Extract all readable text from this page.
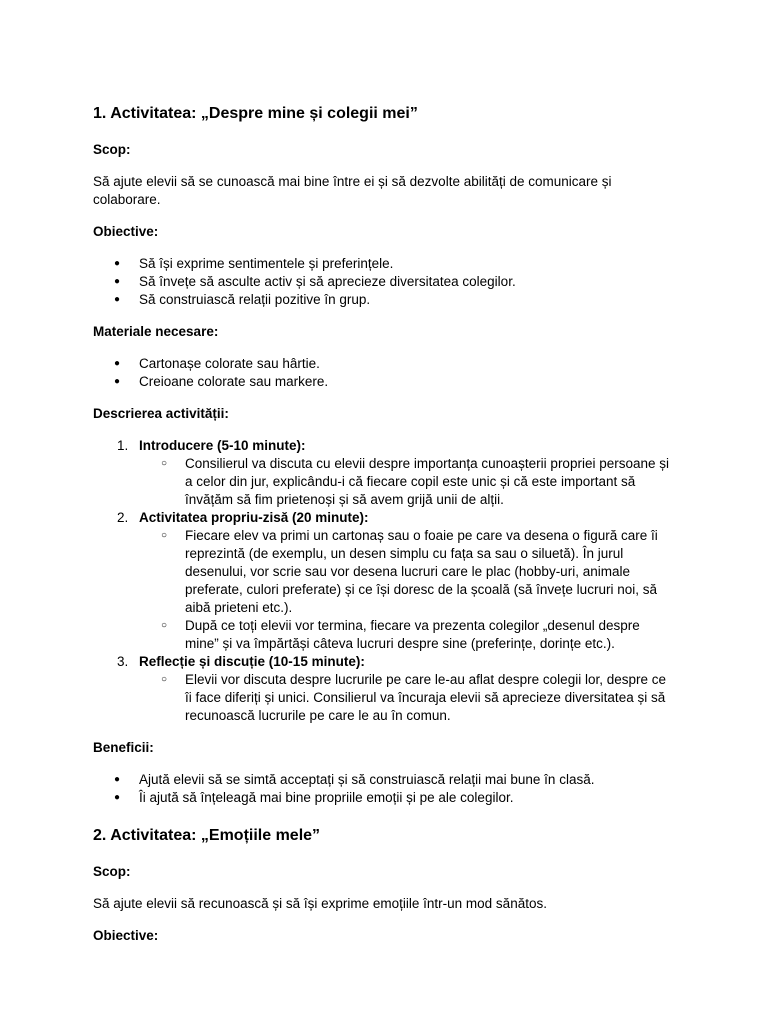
1. Activitatea: „Despre mine și colegii mei”

Scop:

Să ajute elevii să se cunoască mai bine între ei și să dezvolte abilități de comunicare și colaborare.

Obiective:

● Să își exprime sentimentele și preferințele.
● Să învețe să asculte activ și să aprecieze diversitatea colegilor.
● Să construiască relații pozitive în grup.

Materiale necesare:

● Cartonașe colorate sau hârtie.
● Creioane colorate sau markere.

Descrierea activității:

1. Introducere (5-10 minute):
○ Consilierul va discuta cu elevii despre importanța cunoașterii propriei persoane și a celor din jur, explicându-i că fiecare copil este unic și că este important să învățăm să fim prietenoși și să avem grijă unii de alții.
2. Activitatea propriu-zisă (20 minute):
○ Fiecare elev va primi un cartonaș sau o foaie pe care va desena o figură care îi reprezintă (de exemplu, un desen simplu cu fața sa sau o siluetă). În jurul desenului, vor scrie sau vor desena lucruri care le plac (hobby-uri, animale preferate, culori preferate) și ce își doresc de la școală (să învețe lucruri noi, să aibă prieteni etc.).
○ După ce toți elevii vor termina, fiecare va prezenta colegilor „desenul despre mine” și va împărtăși câteva lucruri despre sine (preferințe, dorințe etc.).
3. Reflecție și discuție (10-15 minute):
○ Elevii vor discuta despre lucrurile pe care le-au aflat despre colegii lor, despre ce îi face diferiți și unici. Consilierul va încuraja elevii să aprecieze diversitatea și să recunoască lucrurile pe care le au în comun.

Beneficii:

● Ajută elevii să se simtă acceptați și să construiască relații mai bune în clasă.
● Îi ajută să înțeleagă mai bine propriile emoții și pe ale colegilor.
2. Activitatea: „Emoțiile mele”

Scop:

Să ajute elevii să recunoască și să își exprime emoțiile într-un mod sănătos.

Obiective:
